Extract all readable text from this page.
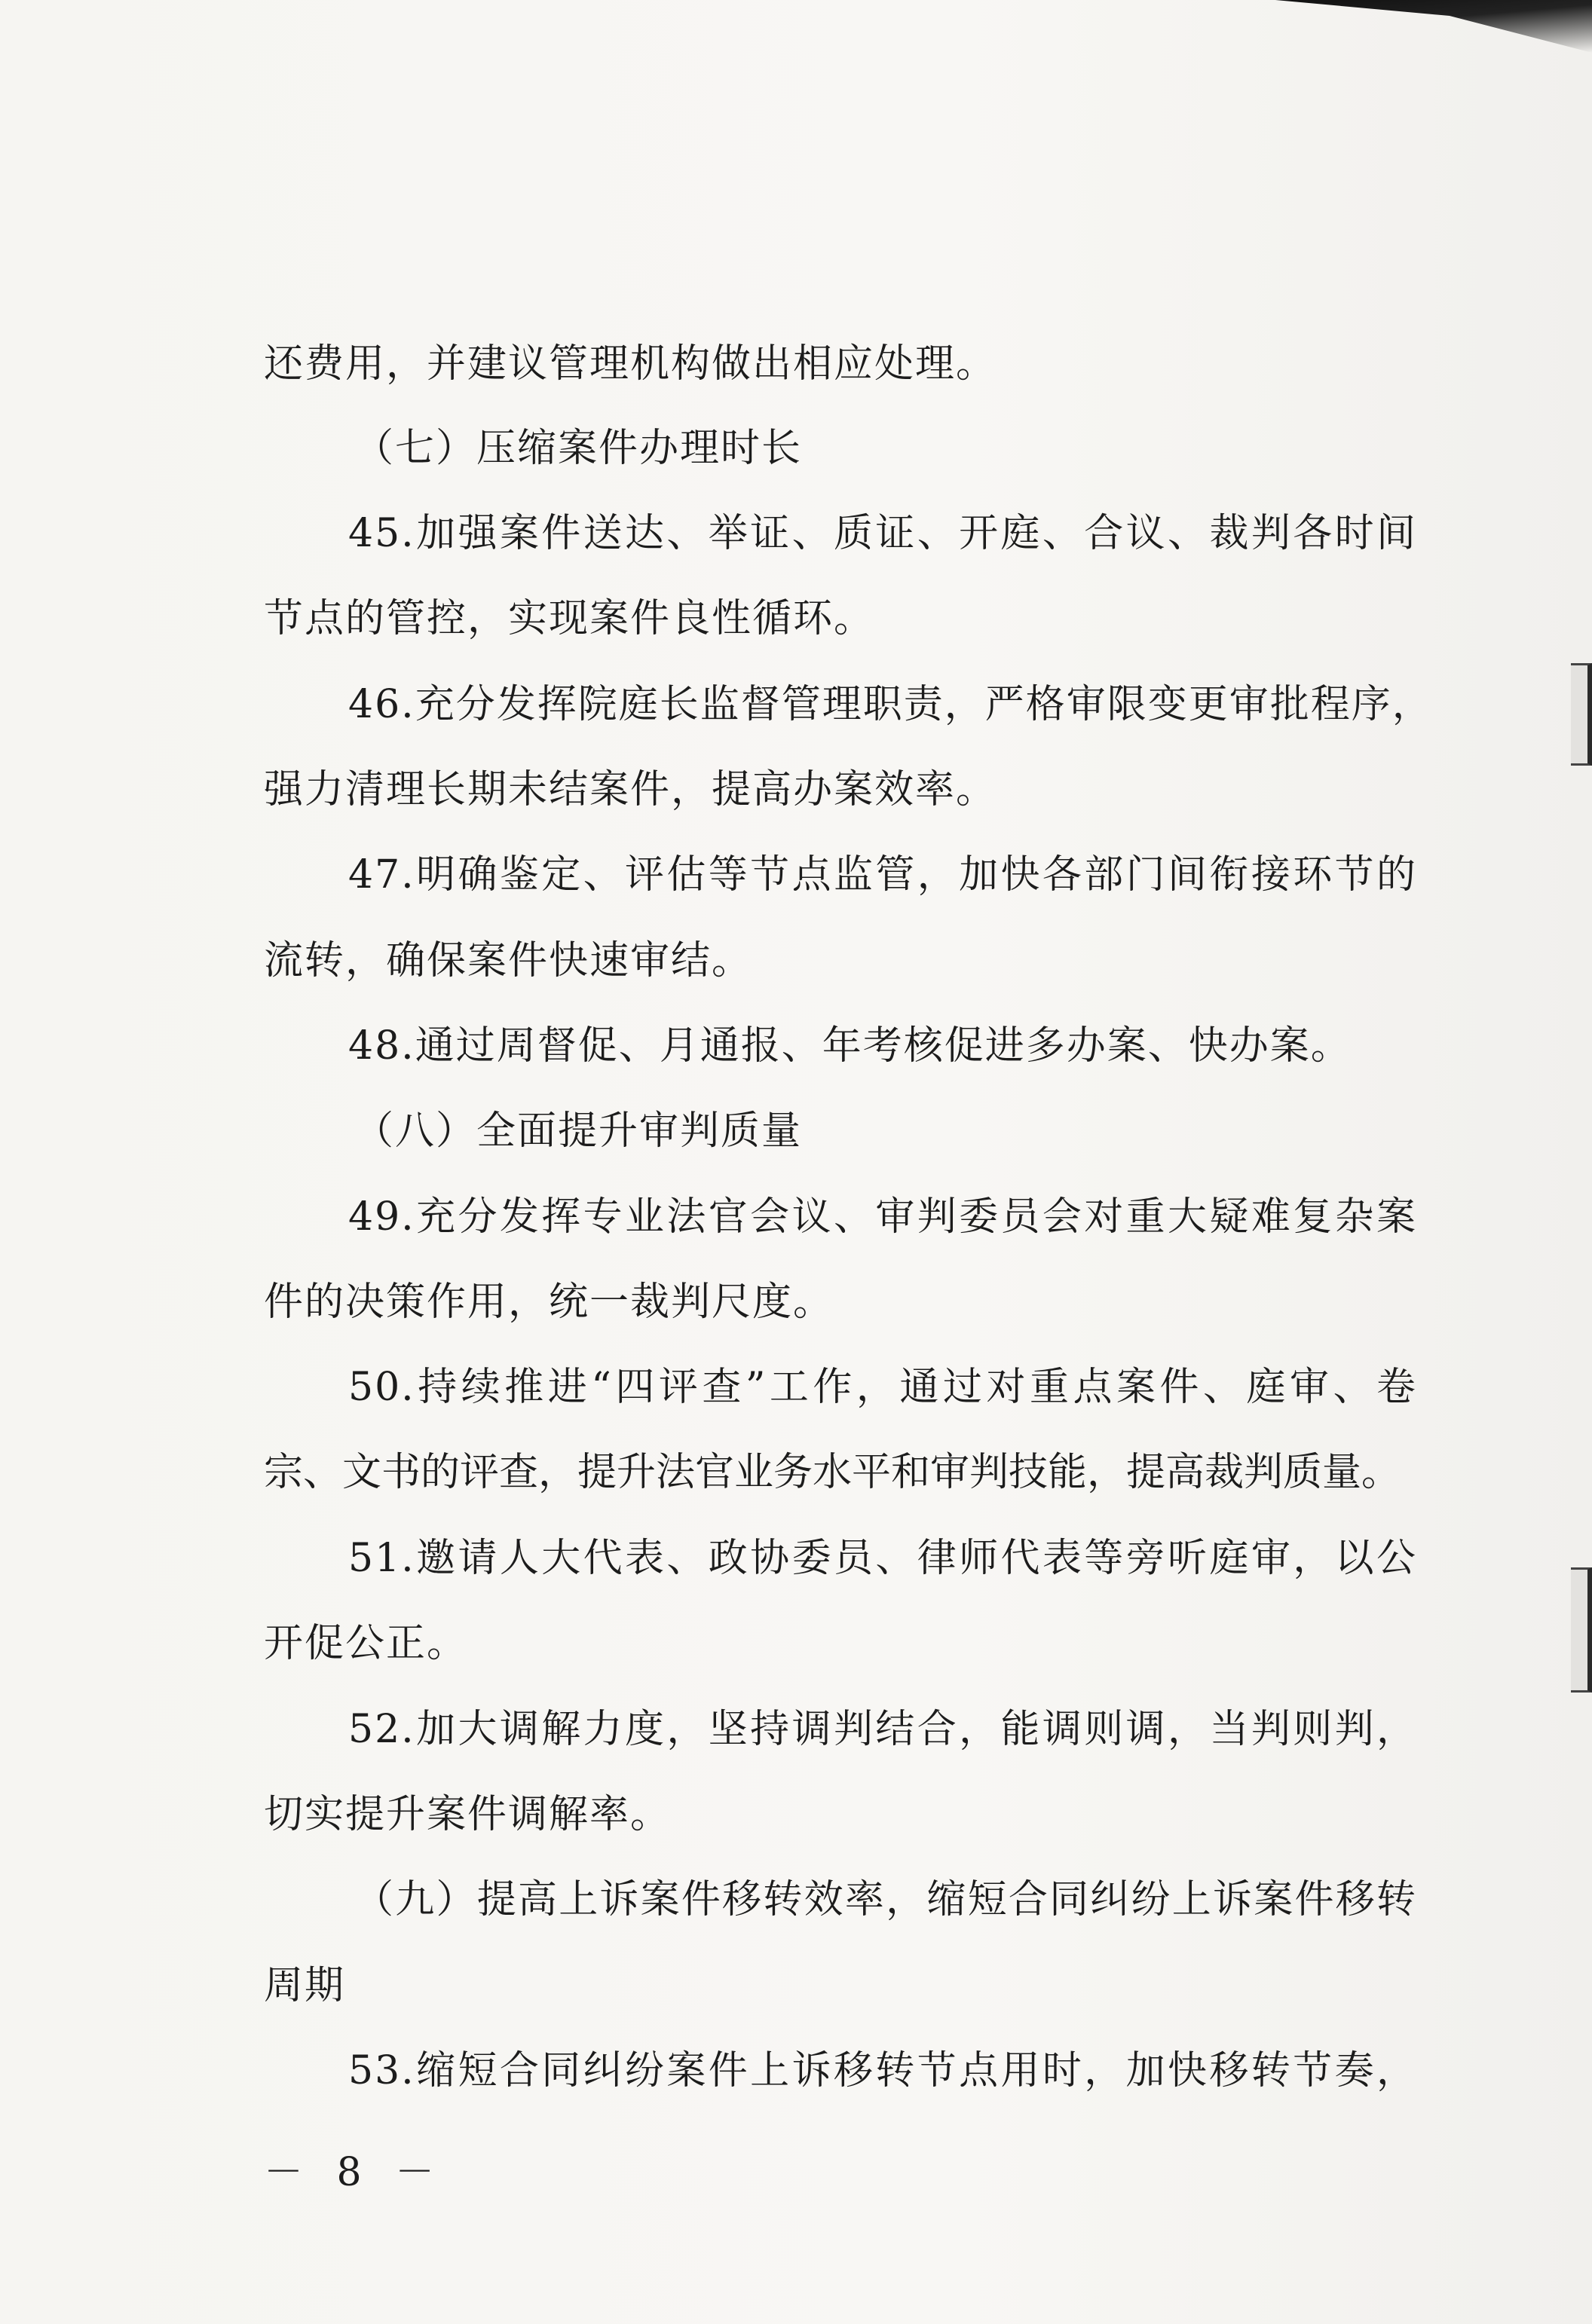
还费用，并建议管理机构做出相应处理。
（七）压缩案件办理时长
45.加强案件送达、举证、质证、开庭、合议、裁判各时间
节点的管控，实现案件良性循环。
46.充分发挥院庭长监督管理职责，严格审限变更审批程序，
强力清理长期未结案件，提高办案效率。
47.明确鉴定、评估等节点监管，加快各部门间衔接环节的
流转，确保案件快速审结。
48.通过周督促、月通报、年考核促进多办案、快办案。
（八）全面提升审判质量
49.充分发挥专业法官会议、审判委员会对重大疑难复杂案
件的决策作用，统一裁判尺度。
50.持续推进“四评查”工作，通过对重点案件、庭审、卷
宗、文书的评查，提升法官业务水平和审判技能，提高裁判质量。
51.邀请人大代表、政协委员、律师代表等旁听庭审，以公
开促公正。
52.加大调解力度，坚持调判结合，能调则调，当判则判，
切实提升案件调解率。
（九）提高上诉案件移转效率，缩短合同纠纷上诉案件移转
周期
53.缩短合同纠纷案件上诉移转节点用时，加快移转节奏，
－ 8 －
